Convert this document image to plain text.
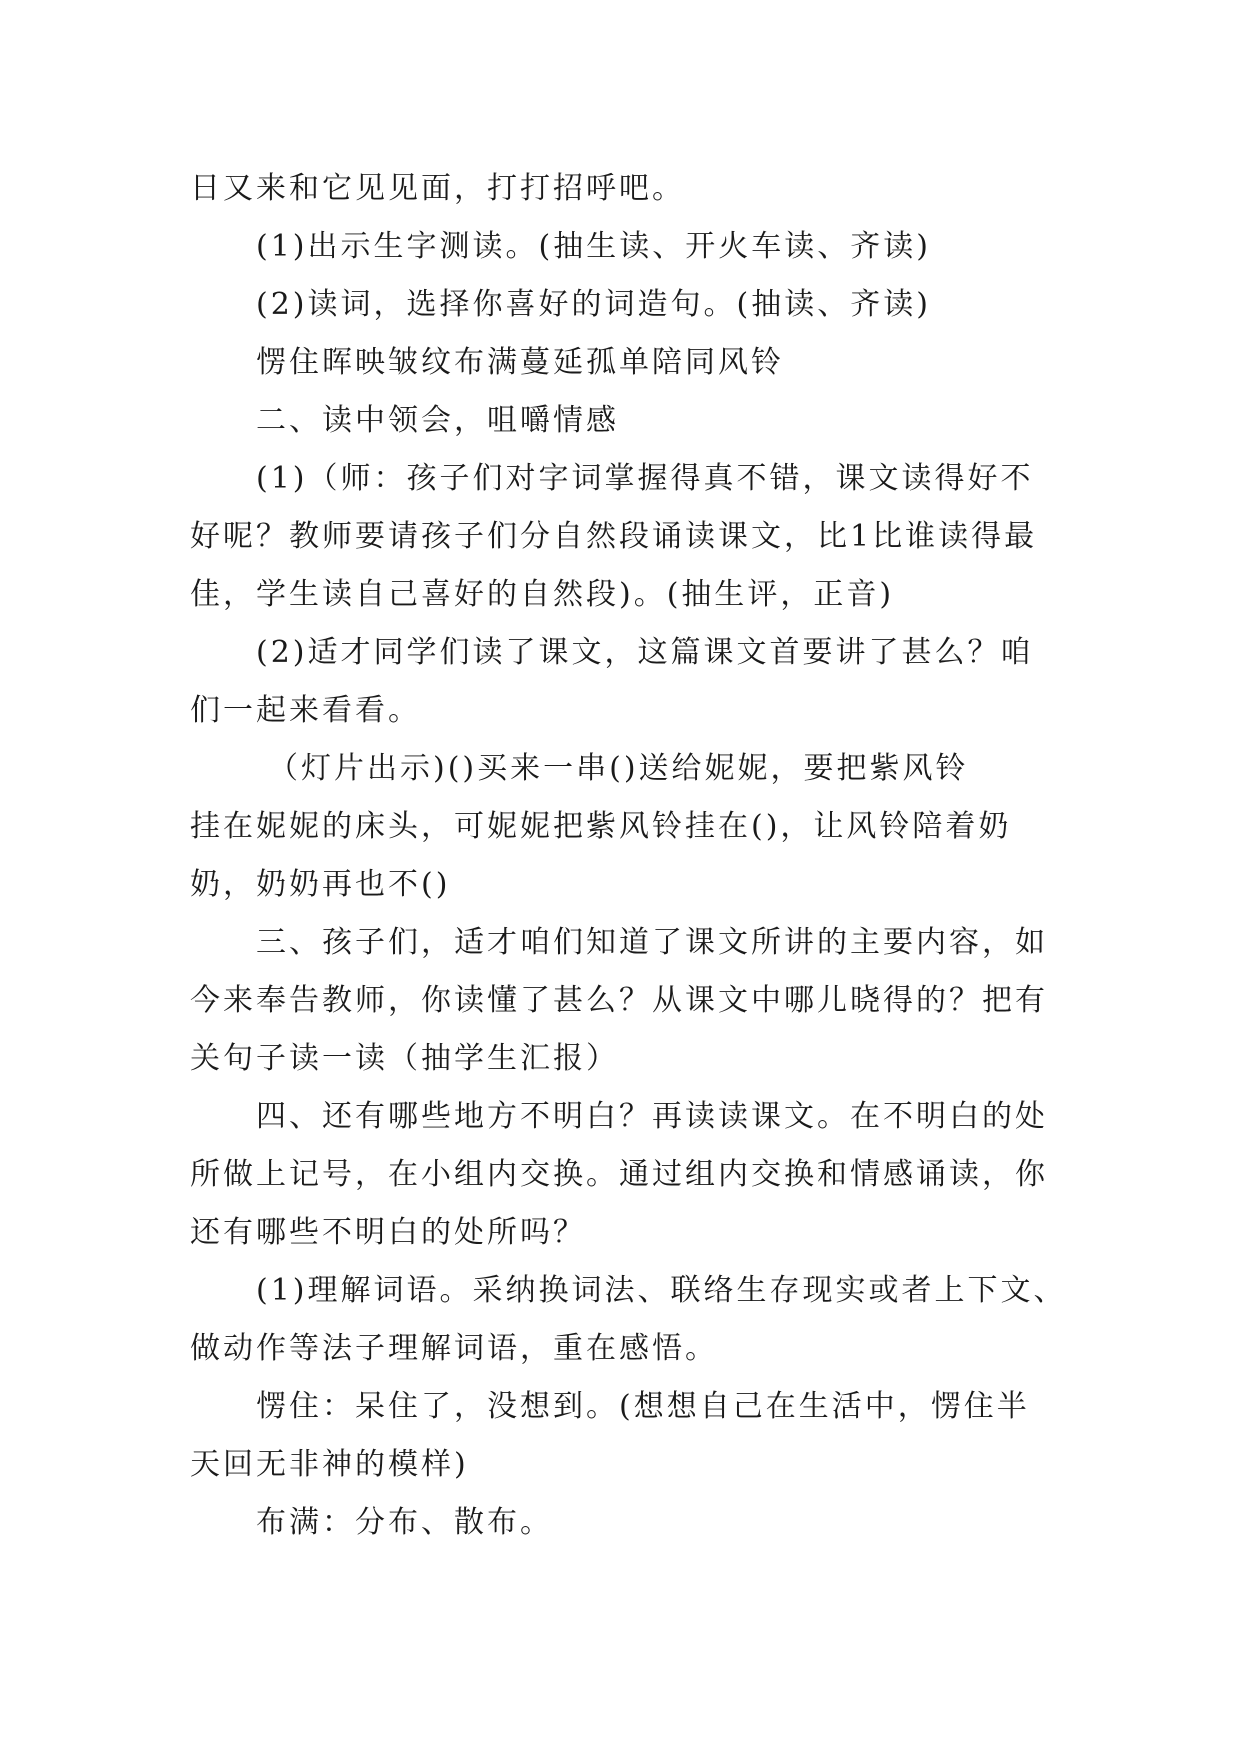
日又来和它见见面，打打招呼吧。

(1)出示生字测读。(抽生读、开火车读、齐读)

(2)读词，选择你喜好的词造句。(抽读、齐读)

愣住晖映皱纹布满蔓延孤单陪同风铃

二、读中领会，咀嚼情感

(1)（师：孩子们对字词掌握得真不错，课文读得好不

好呢？教师要请孩子们分自然段诵读课文，比1比谁读得最

佳，学生读自己喜好的自然段)。(抽生评，正音)

(2)适才同学们读了课文，这篇课文首要讲了甚么？咱

们一起来看看。

（灯片出示)()买来一串()送给妮妮，要把紫风铃

挂在妮妮的床头，可妮妮把紫风铃挂在()，让风铃陪着奶

奶，奶奶再也不()

三、孩子们，适才咱们知道了课文所讲的主要内容，如

今来奉告教师，你读懂了甚么？从课文中哪儿晓得的？把有

关句子读一读（抽学生汇报）

四、还有哪些地方不明白？再读读课文。在不明白的处

所做上记号，在小组内交换。通过组内交换和情感诵读，你

还有哪些不明白的处所吗？

(1)理解词语。采纳换词法、联络生存现实或者上下文、

做动作等法子理解词语，重在感悟。

愣住：呆住了，没想到。(想想自己在生活中，愣住半

天回无非神的模样)

布满：分布、散布。
